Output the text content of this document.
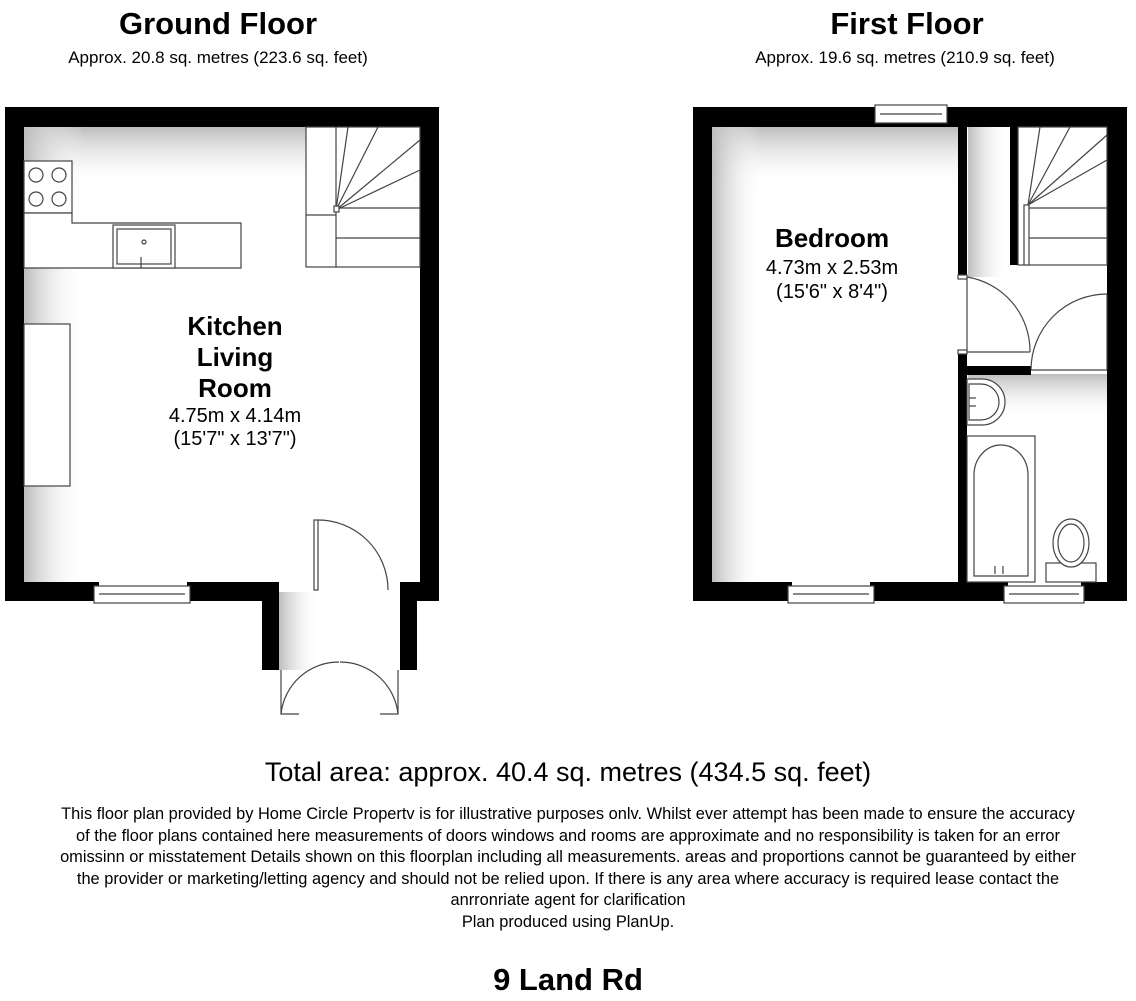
Ground Floor
Approx. 20.8 sq. metres (223.6 sq. feet)
First Floor
Approx. 19.6 sq. metres (210.9 sq. feet)
Kitchen
Living
Room
4.75m x 4.14m
(15'7" x 13'7")
Bedroom
4.73m x 2.53m
(15'6" x 8'4")
Total area: approx. 40.4 sq. metres (434.5 sq. feet)
This floor plan provided by Home Circle Propertv is for illustrative purposes onlv. Whilst ever attempt has been made to ensure the accuracy of the floor plans contained here measurements of doors windows and rooms are approximate and no responsibility is taken for an error omissinn or misstatement Details shown on this floorplan including all measurements. areas and proportions cannot be guaranteed by either the provider or marketing/letting agency and should not be relied upon. If there is any area where accuracy is required lease contact the anrronriate agent for clarification
Plan produced using PlanUp.
9 Land Rd
